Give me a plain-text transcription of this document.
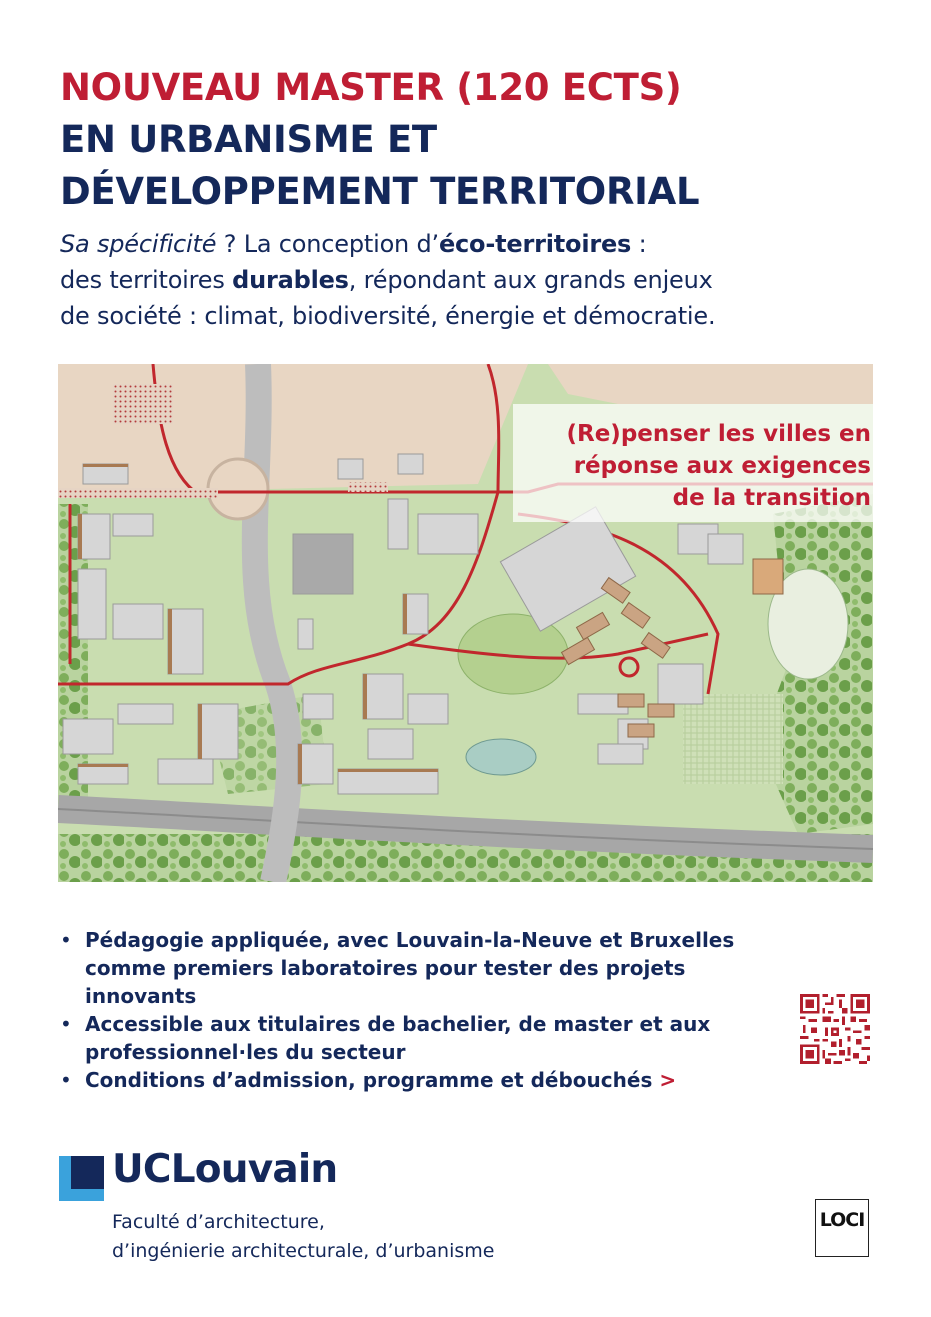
NOUVEAU MASTER (120 ECTS)
EN URBANISME ET
DÉVELOPPEMENT TERRITORIAL
Sa spécificité ? La conception d’éco-territoires :
des territoires durables, répondant aux grands enjeux
de société : climat, biodiversité, énergie et démocratie.
(Re)penser les villes en
réponse aux exigences
de la transition
• Pédagogie appliquée, avec Louvain-la-Neuve et Bruxelles
comme premiers laboratoires pour tester des projets innovants
• Accessible aux titulaires de bachelier, de master et aux
professionnel·les du secteur
• Conditions d’admission, programme et débouchés >
UCLouvain

Faculté d’architecture,
d’ingénierie architecturale, d’urbanisme

LOCI
